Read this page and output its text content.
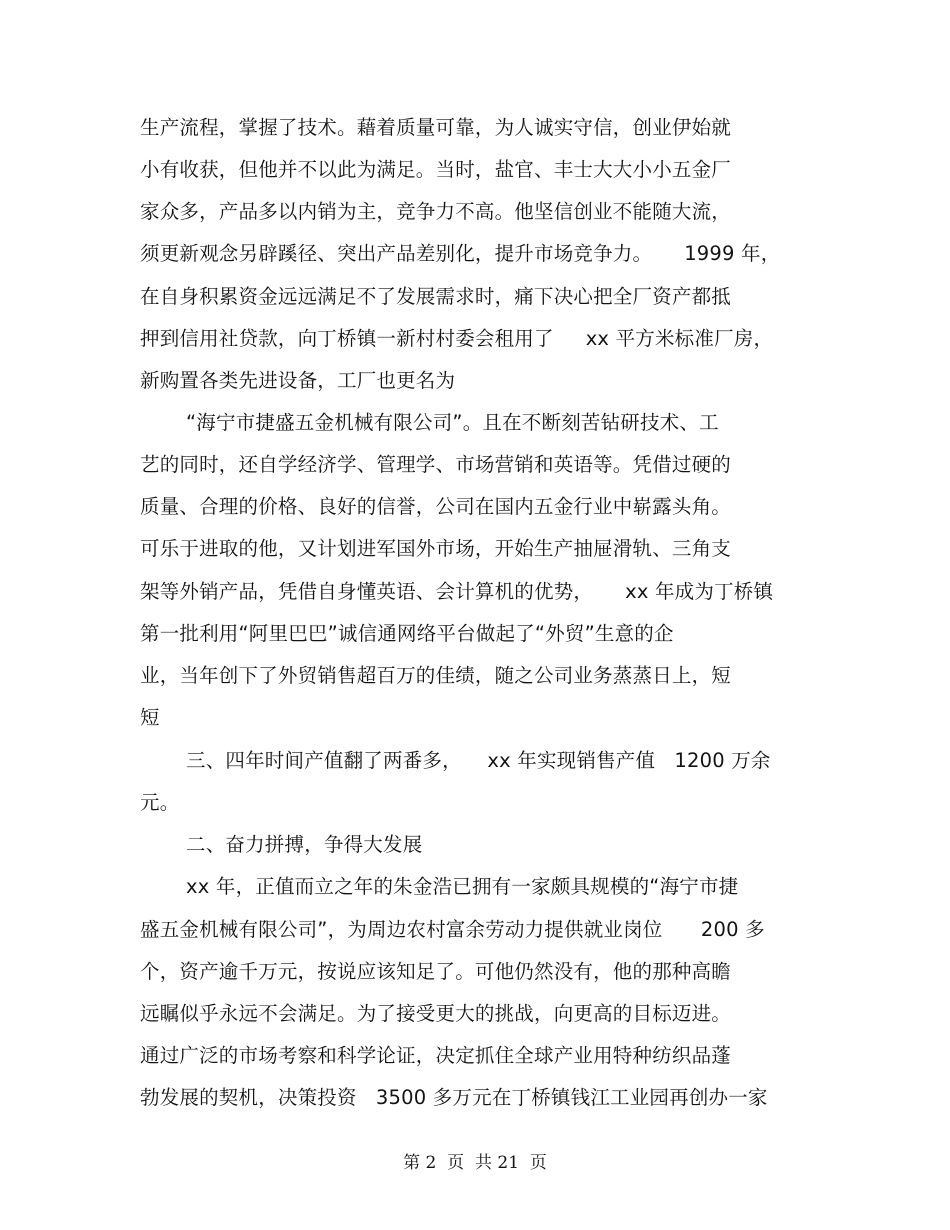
生产流程，掌握了技术。藉着质量可靠，为人诚实守信，创业伊始就
小有收获，但他并不以此为满足。当时，盐官、丰士大大小小五金厂
家众多，产品多以内销为主，竞争力不高。他坚信创业不能随大流，
须更新观念另辟蹊径、突出产品差别化，提升市场竞争力。     1999 年，
在自身积累资金远远满足不了发展需求时，痛下决心把全厂资产都抵
押到信用社贷款，向丁桥镇一新村村委会租用了     xx 平方米标准厂房，
新购置各类先进设备，工厂也更名为
“海宁市捷盛五金机械有限公司”。且在不断刻苦钻研技术、工
艺的同时，还自学经济学、管理学、市场营销和英语等。凭借过硬的
质量、合理的价格、良好的信誉，公司在国内五金行业中崭露头角。
可乐于进取的他，又计划进军国外市场，开始生产抽屉滑轨、三角支
架等外销产品，凭借自身懂英语、会计算机的优势，     xx 年成为丁桥镇
第一批利用“阿里巴巴”诚信通网络平台做起了“外贸”生意的企
业，当年创下了外贸销售超百万的佳绩，随之公司业务蒸蒸日上，短
短
三、四年时间产值翻了两番多，    xx 年实现销售产值   1200 万余
元。
二、奋力拼搏，争得大发展
xx 年，正值而立之年的朱金浩已拥有一家颇具规模的“海宁市捷
盛五金机械有限公司”，为周边农村富余劳动力提供就业岗位      200 多
个，资产逾千万元，按说应该知足了。可他仍然没有，他的那种高瞻
远瞩似乎永远不会满足。为了接受更大的挑战，向更高的目标迈进。
通过广泛的市场考察和科学论证，决定抓住全球产业用特种纺织品蓬
勃发展的契机，决策投资   3500 多万元在丁桥镇钱江工业园再创办一家
第 2  页  共 21  页
